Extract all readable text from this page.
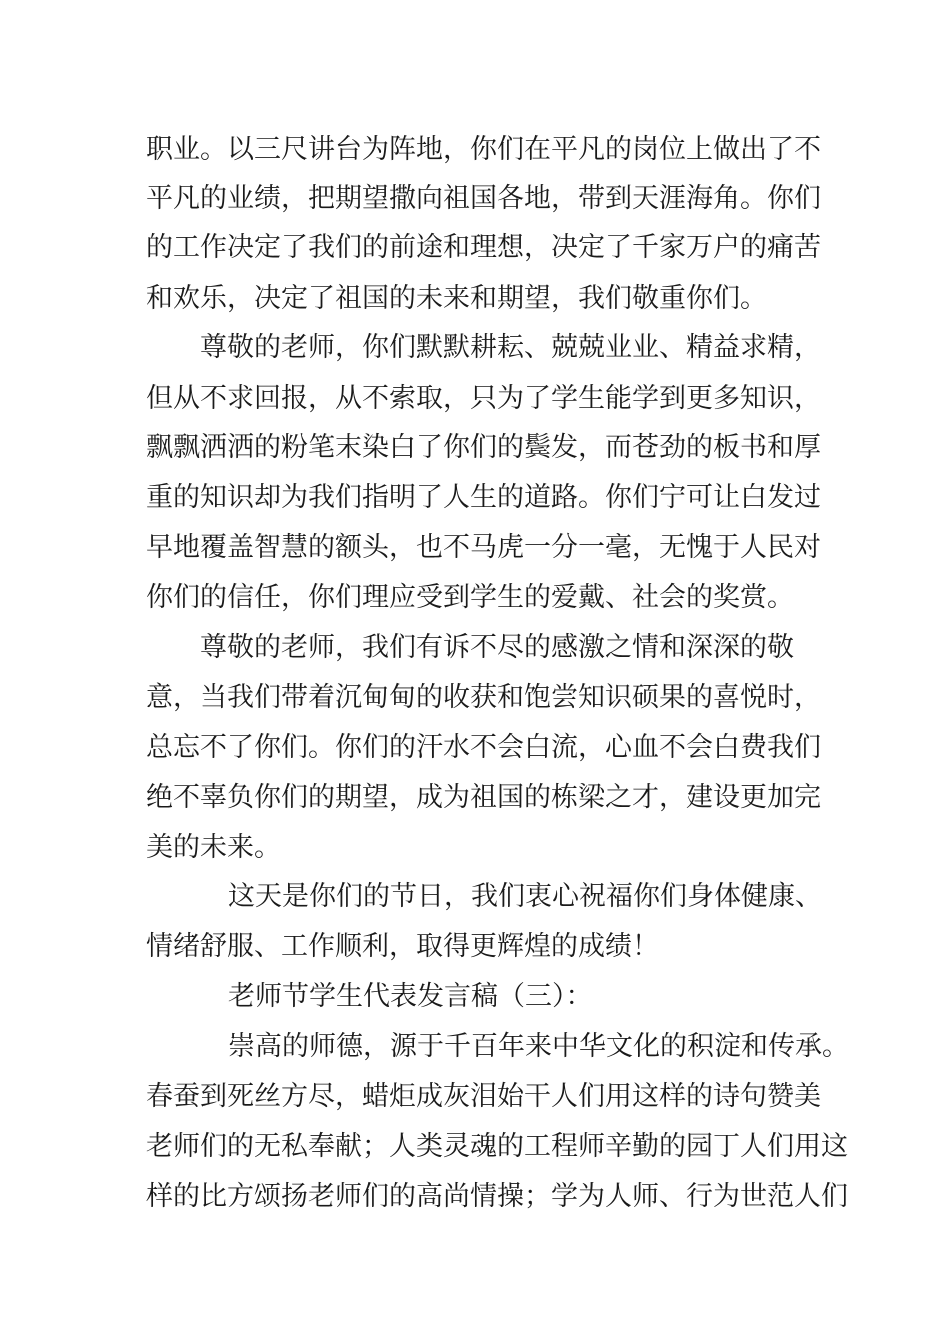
职业。以三尺讲台为阵地，你们在平凡的岗位上做出了不
平凡的业绩，把期望撒向祖国各地，带到天涯海角。你们
的工作决定了我们的前途和理想，决定了千家万户的痛苦
和欢乐，决定了祖国的未来和期望，我们敬重你们。
尊敬的老师，你们默默耕耘、兢兢业业、精益求精，
但从不求回报，从不索取，只为了学生能学到更多知识，
飘飘洒洒的粉笔末染白了你们的鬓发，而苍劲的板书和厚
重的知识却为我们指明了人生的道路。你们宁可让白发过
早地覆盖智慧的额头，也不马虎一分一毫，无愧于人民对
你们的信任，你们理应受到学生的爱戴、社会的奖赏。
尊敬的老师，我们有诉不尽的感激之情和深深的敬
意，当我们带着沉甸甸的收获和饱尝知识硕果的喜悦时，
总忘不了你们。你们的汗水不会白流，心血不会白费我们
绝不辜负你们的期望，成为祖国的栋梁之才，建设更加完
美的未来。
这天是你们的节日，我们衷心祝福你们身体健康、
情绪舒服、工作顺利，取得更辉煌的成绩！
老师节学生代表发言稿（三）：
崇高的师德，源于千百年来中华文化的积淀和传承。
春蚕到死丝方尽，蜡炬成灰泪始干人们用这样的诗句赞美
老师们的无私奉献；人类灵魂的工程师辛勤的园丁人们用这
样的比方颂扬老师们的高尚情操；学为人师、行为世范人们
